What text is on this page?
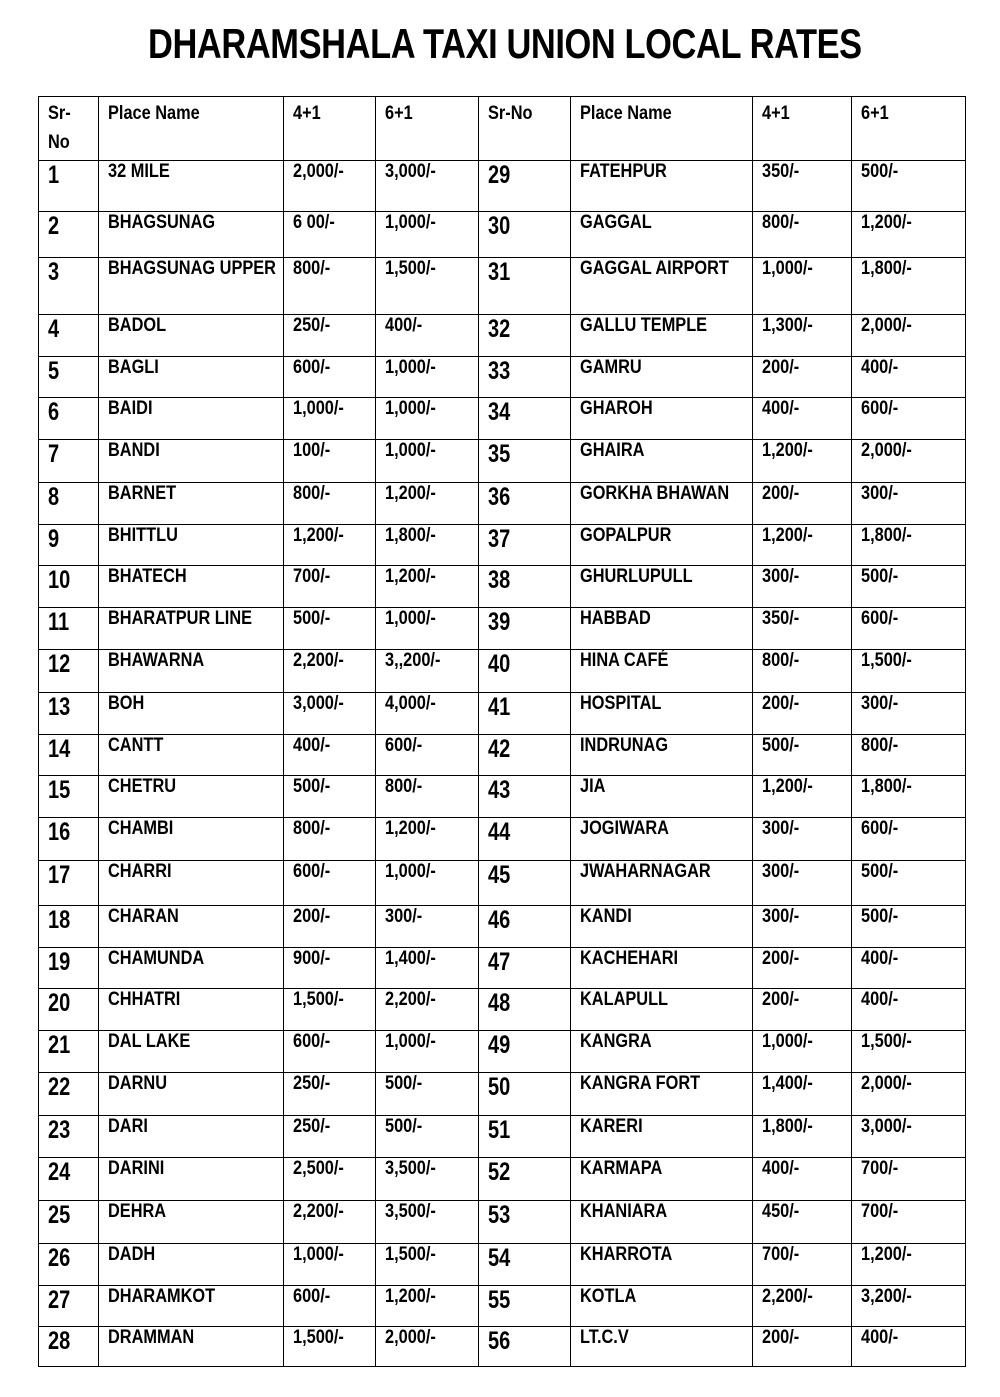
DHARAMSHALA TAXI UNION LOCAL RATES
Sr-No	Place Name	4+1	6+1	Sr-No	Place Name	4+1	6+1

1	32 MILE	2,000/-	3,000/-	29	FATEHPUR	350/-	500/-

2	BHAGSUNAG	6 00/-	1,000/-	30	GAGGAL	800/-	1,200/-

3	BHAGSUNAG UPPER	800/-	1,500/-	31	GAGGAL AIRPORT	1,000/-	1,800/-

4	BADOL	250/-	400/-	32	GALLU TEMPLE	1,300/-	2,000/-

5	BAGLI	600/-	1,000/-	33	GAMRU	200/-	400/-

6	BAIDI	1,000/-	1,000/-	34	GHAROH	400/-	600/-

7	BANDI	100/-	1,000/-	35	GHAIRA	1,200/-	2,000/-

8	BARNET	800/-	1,200/-	36	GORKHA BHAWAN	200/-	300/-

9	BHITTLU	1,200/-	1,800/-	37	GOPALPUR	1,200/-	1,800/-

10	BHATECH	700/-	1,200/-	38	GHURLUPULL	300/-	500/-

11	BHARATPUR LINE	500/-	1,000/-	39	HABBAD	350/-	600/-

12	BHAWARNA	2,200/-	3,,200/-	40	HINA CAFÉ	800/-	1,500/-

13	BOH	3,000/-	4,000/-	41	HOSPITAL	200/-	300/-

14	CANTT	400/-	600/-	42	INDRUNAG	500/-	800/-

15	CHETRU	500/-	800/-	43	JIA	1,200/-	1,800/-

16	CHAMBI	800/-	1,200/-	44	JOGIWARA	300/-	600/-

17	CHARRI	600/-	1,000/-	45	JWAHARNAGAR	300/-	500/-

18	CHARAN	200/-	300/-	46	KANDI	300/-	500/-

19	CHAMUNDA	900/-	1,400/-	47	KACHEHARI	200/-	400/-

20	CHHATRI	1,500/-	2,200/-	48	KALAPULL	200/-	400/-

21	DAL LAKE	600/-	1,000/-	49	KANGRA	1,000/-	1,500/-

22	DARNU	250/-	500/-	50	KANGRA FORT	1,400/-	2,000/-

23	DARI	250/-	500/-	51	KARERI	1,800/-	3,000/-

24	DARINI	2,500/-	3,500/-	52	KARMAPA	400/-	700/-

25	DEHRA	2,200/-	3,500/-	53	KHANIARA	450/-	700/-

26	DADH	1,000/-	1,500/-	54	KHARROTA	700/-	1,200/-

27	DHARAMKOT	600/-	1,200/-	55	KOTLA	2,200/-	3,200/-

28	DRAMMAN	1,500/-	2,000/-	56	LT.C.V	200/-	400/-
